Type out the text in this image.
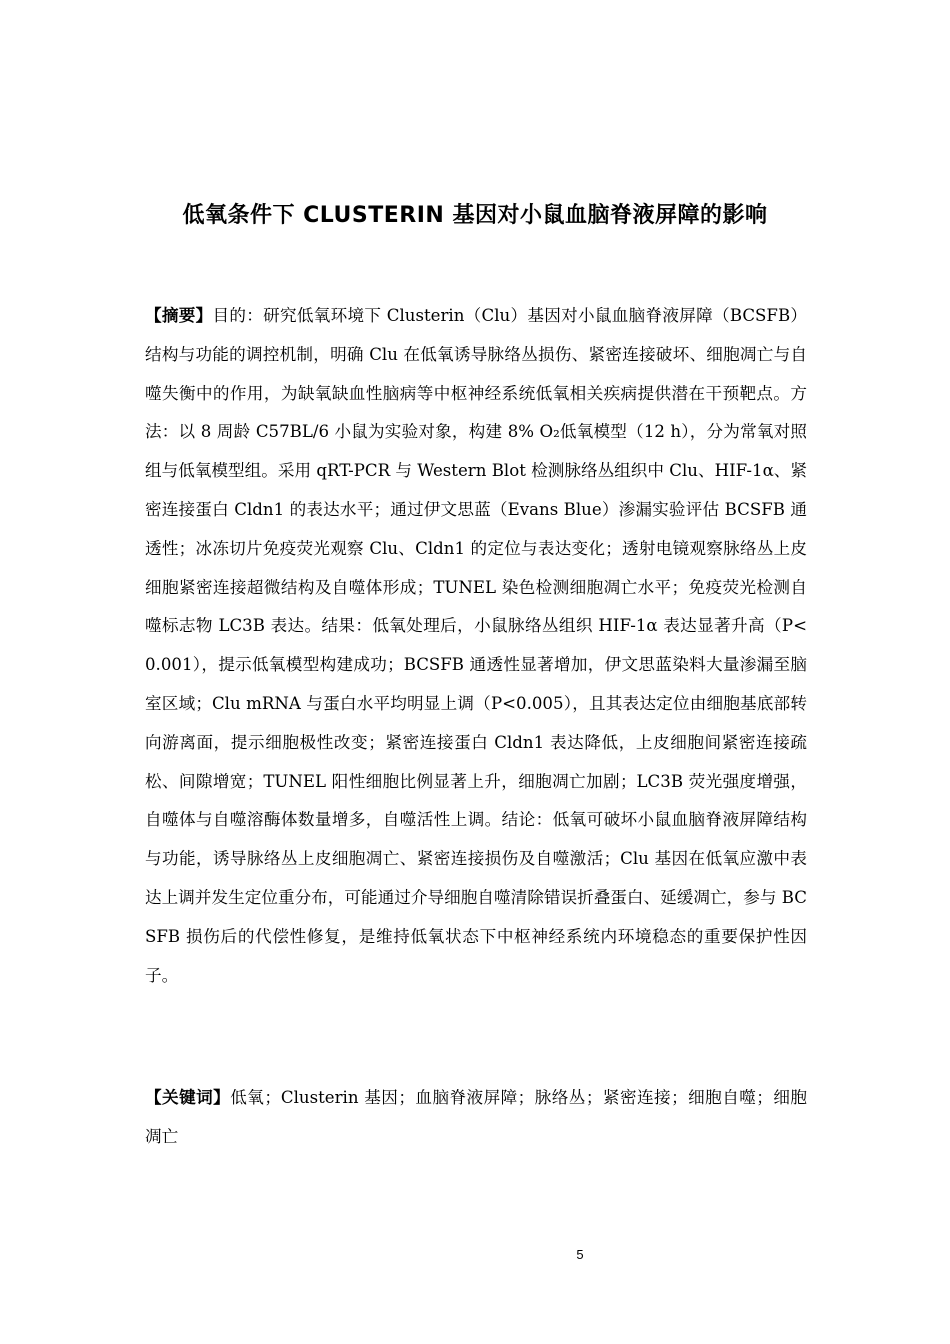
低氧条件下 CLUSTERIN 基因对小鼠血脑脊液屏障的影响
【摘要】目的：研究低氧环境下 Clusterin（Clu）基因对小鼠血脑脊液屏障（BCSFB）结构与功能的调控机制，明确 Clu 在低氧诱导脉络丛损伤、紧密连接破坏、细胞凋亡与自噬失衡中的作用，为缺氧缺血性脑病等中枢神经系统低氧相关疾病提供潜在干预靶点。方法：以 8 周龄 C57BL/6 小鼠为实验对象，构建 8% O₂低氧模型（12 h），分为常氧对照组与低氧模型组。采用 qRT-PCR 与 Western Blot 检测脉络丛组织中 Clu、HIF-1α、紧密连接蛋白 Cldn1 的表达水平；通过伊文思蓝（Evans Blue）渗漏实验评估 BCSFB 通透性；冰冻切片免疫荧光观察 Clu、Cldn1 的定位与表达变化；透射电镜观察脉络丛上皮细胞紧密连接超微结构及自噬体形成；TUNEL 染色检测细胞凋亡水平；免疫荧光检测自噬标志物 LC3B 表达。结果：低氧处理后，小鼠脉络丛组织 HIF-1α 表达显著升高（P<0.001），提示低氧模型构建成功；BCSFB 通透性显著增加，伊文思蓝染料大量渗漏至脑室区域；Clu mRNA 与蛋白水平均明显上调（P<0.005），且其表达定位由细胞基底部转向游离面，提示细胞极性改变；紧密连接蛋白 Cldn1 表达降低，上皮细胞间紧密连接疏松、间隙增宽；TUNEL 阳性细胞比例显著上升，细胞凋亡加剧；LC3B 荧光强度增强，自噬体与自噬溶酶体数量增多，自噬活性上调。结论：低氧可破坏小鼠血脑脊液屏障结构与功能，诱导脉络丛上皮细胞凋亡、紧密连接损伤及自噬激活；Clu 基因在低氧应激中表达上调并发生定位重分布，可能通过介导细胞自噬清除错误折叠蛋白、延缓凋亡，参与 BCSFB 损伤后的代偿性修复，是维持低氧状态下中枢神经系统内环境稳态的重要保护性因子。
【关键词】低氧；Clusterin 基因；血脑脊液屏障；脉络丛；紧密连接；细胞自噬；细胞凋亡
5
